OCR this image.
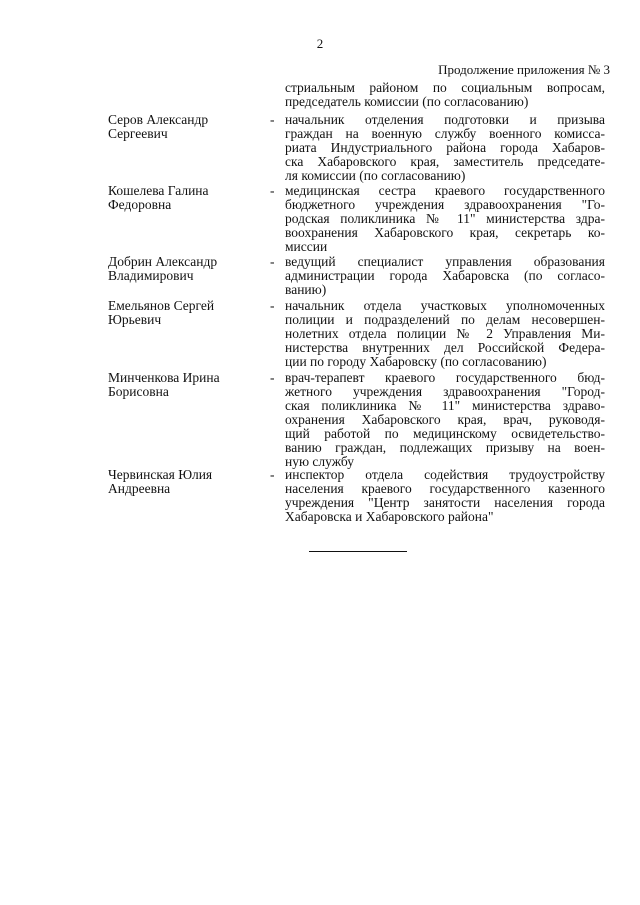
2
Продолжение приложения № 3
стриальным районом по социальным вопросам,
председатель комиссии (по согласованию)
Серов Александр
Сергеевич
- начальник отделения подготовки и призыва
граждан на военную службу военного комисса-
риата Индустриального района города Хабаров-
ска Хабаровского края, заместитель председате-
ля комиссии (по согласованию)
Кошелева Галина
Федоровна
- медицинская сестра краевого государственного
бюджетного учреждения здравоохранения "Го-
родская поликлиника № 11" министерства здра-
воохранения Хабаровского края, секретарь ко-
миссии
Добрин Александр
Владимирович
- ведущий специалист управления образования
администрации города Хабаровска (по согласо-
ванию)
Емельянов Сергей
Юрьевич
- начальник отдела участковых уполномоченных
полиции и подразделений по делам несовершен-
нолетних отдела полиции № 2 Управления Ми-
нистерства внутренних дел Российской Федера-
ции по городу Хабаровску (по согласованию)
Минченкова Ирина
Борисовна
- врач-терапевт краевого государственного бюд-
жетного учреждения здравоохранения "Город-
ская поликлиника № 11" министерства здраво-
охранения Хабаровского края, врач, руководя-
щий работой по медицинскому освидетельство-
ванию граждан, подлежащих призыву на воен-
ную службу
Червинская Юлия
Андреевна
- инспектор отдела содействия трудоустройству
населения краевого государственного казенного
учреждения "Центр занятости населения города
Хабаровска и Хабаровского района"
